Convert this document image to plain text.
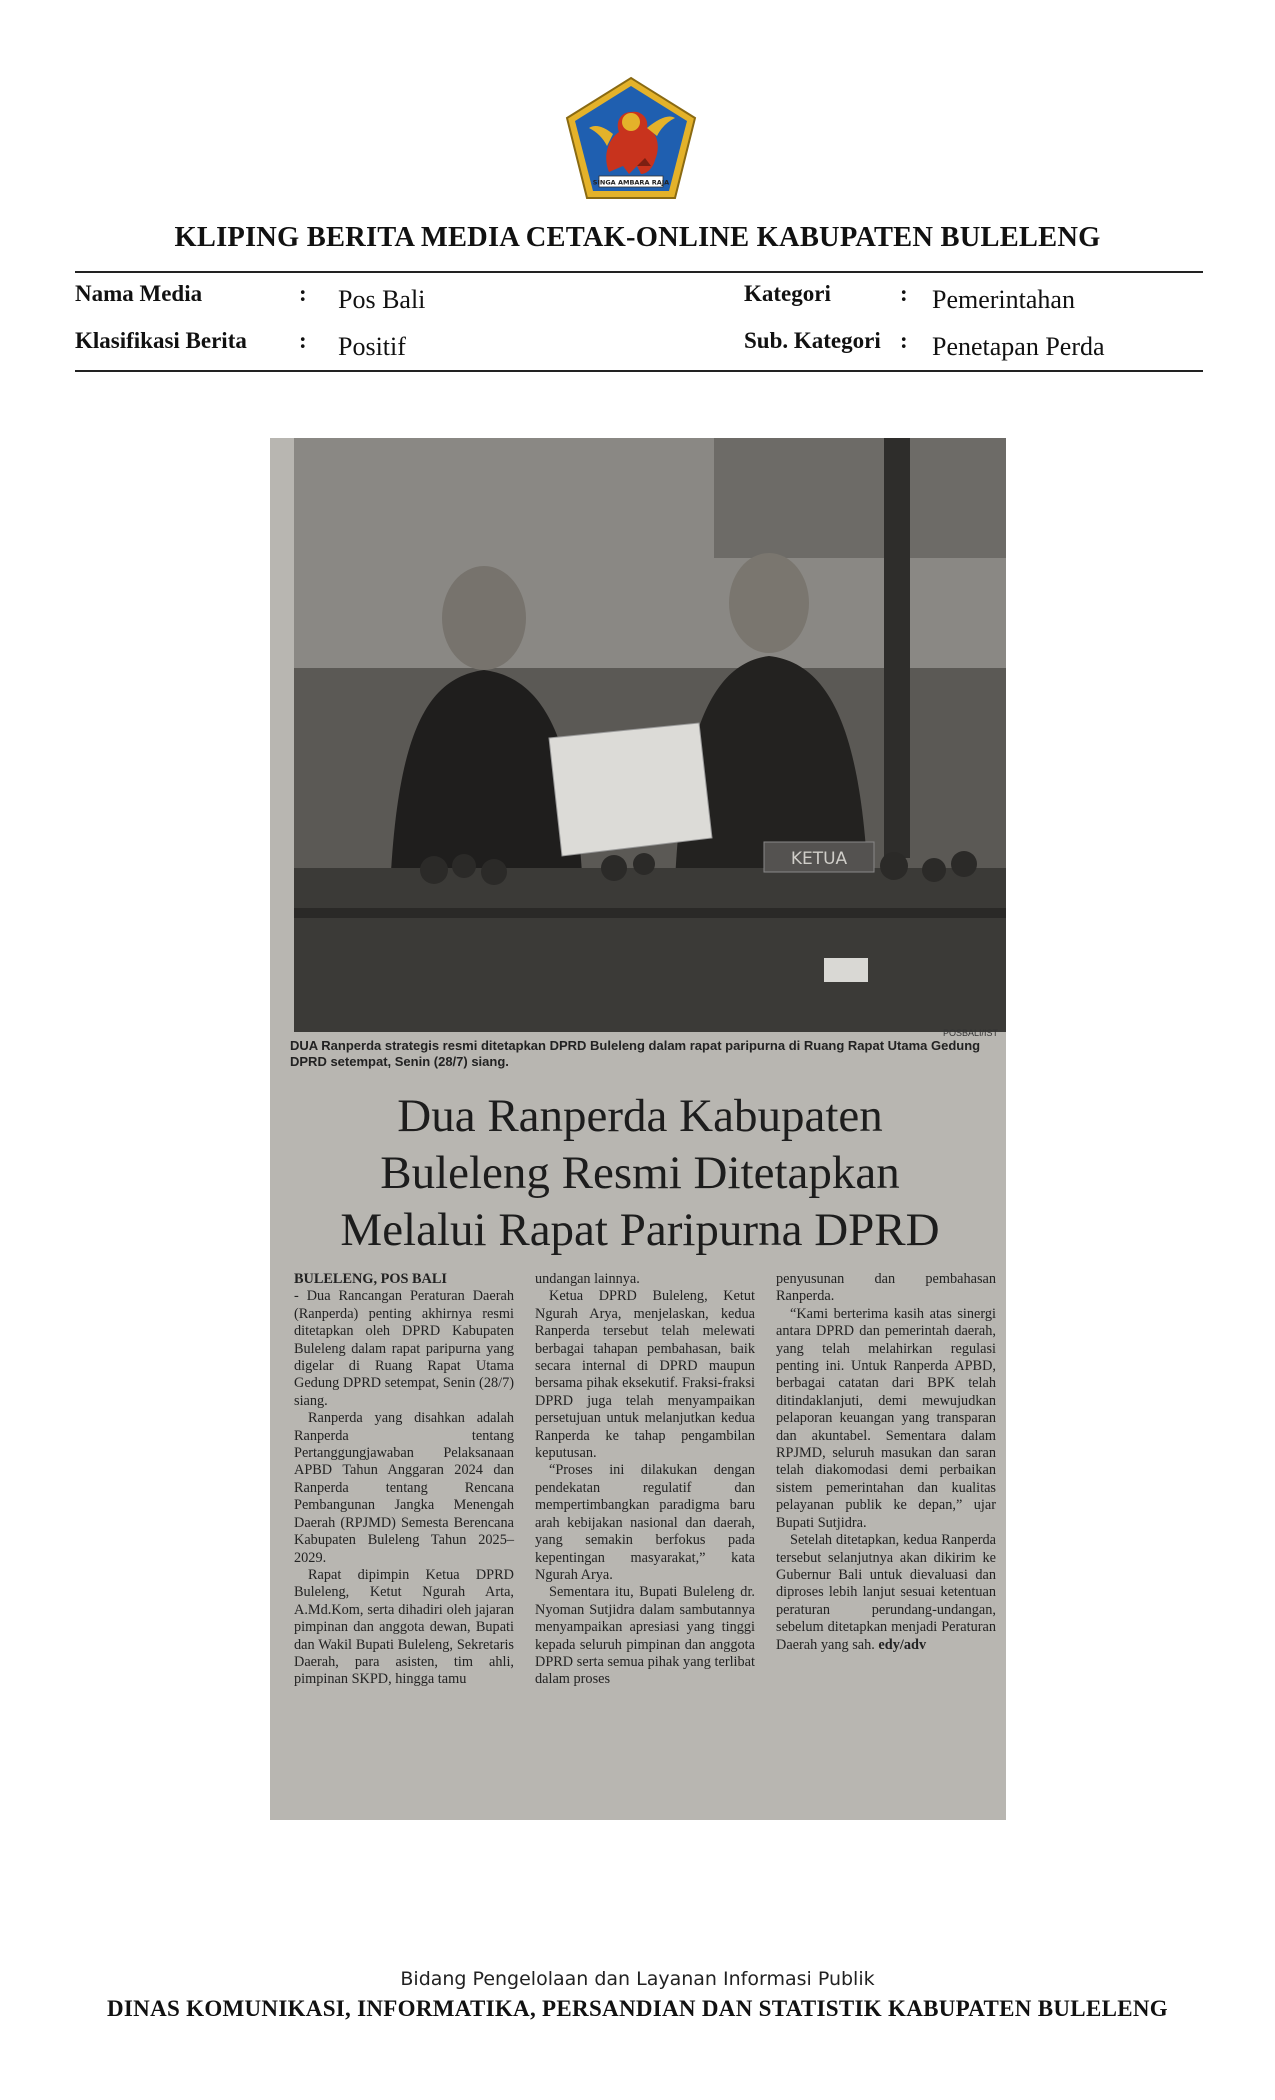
SINGA AMBARA RAJA
KLIPING BERITA MEDIA CETAK-ONLINE KABUPATEN BULELENG
Nama Media	: Pos Bali
Klasifikasi Berita : Positif
Kategori	: Pemerintahan
Sub. Kategori : Penetapan Perda
KETUA
POSBALI/IST
DUA Ranperda strategis resmi ditetapkan DPRD Buleleng dalam rapat paripurna di Ruang Rapat Utama Gedung DPRD setempat, Senin (28/7) siang.
Dua Ranperda Kabupaten
Buleleng Resmi Ditetapkan
Melalui Rapat Paripurna DPRD

BULELENG, POS BALI

- Dua Rancangan Peraturan Daerah (Ranperda) penting akhirnya resmi ditetapkan oleh DPRD Kabupaten Buleleng dalam rapat paripurna yang digelar di Ruang Rapat Utama Gedung DPRD setempat, Senin (28/7) siang.

Ranperda yang disahkan adalah Ranperda tentang Pertanggungjawaban Pelaksanaan APBD Tahun Anggaran 2024 dan Ranperda tentang Rencana Pembangunan Jangka Menengah Daerah (RPJMD) Semesta Berencana Kabupaten Buleleng Tahun 2025–2029.

Rapat dipimpin Ketua DPRD Buleleng, Ketut Ngurah Arta, A.Md.Kom, serta dihadiri oleh jajaran pimpinan dan anggota dewan, Bupati dan Wakil Bupati Buleleng, Sekretaris Daerah, para asisten, tim ahli, pimpinan SKPD, hingga tamu

undangan lainnya.

Ketua DPRD Buleleng, Ketut Ngurah Arya, menjelaskan, kedua Ranperda tersebut telah melewati berbagai tahapan pembahasan, baik secara internal di DPRD maupun bersama pihak eksekutif. Fraksi-fraksi DPRD juga telah menyampaikan persetujuan untuk melanjutkan kedua Ranperda ke tahap pengambilan keputusan.

“Proses ini dilakukan dengan pendekatan regulatif dan mempertimbangkan paradigma baru arah kebijakan nasional dan daerah, yang semakin berfokus pada kepentingan masyarakat,” kata Ngurah Arya.

Sementara itu, Bupati Buleleng dr. Nyoman Sutjidra dalam sambutannya menyampaikan apresiasi yang tinggi kepada seluruh pimpinan dan anggota DPRD serta semua pihak yang terlibat dalam proses

penyusunan dan pembahasan Ranperda.

“Kami berterima kasih atas sinergi antara DPRD dan pemerintah daerah, yang telah melahirkan regulasi penting ini. Untuk Ranperda APBD, berbagai catatan dari BPK telah ditindaklanjuti, demi mewujudkan pelaporan keuangan yang transparan dan akuntabel. Sementara dalam RPJMD, seluruh masukan dan saran telah diakomodasi demi perbaikan sistem pemerintahan dan kualitas pelayanan publik ke depan,” ujar Bupati Sutjidra.

Setelah ditetapkan, kedua Ranperda tersebut selanjutnya akan dikirim ke Gubernur Bali untuk dievaluasi dan diproses lebih lanjut sesuai ketentuan peraturan perundang-undangan, sebelum ditetapkan menjadi Peraturan Daerah yang sah. edy/adv

Bidang Pengelolaan dan Layanan Informasi Publik
DINAS KOMUNIKASI, INFORMATIKA, PERSANDIAN DAN STATISTIK KABUPATEN BULELENG
